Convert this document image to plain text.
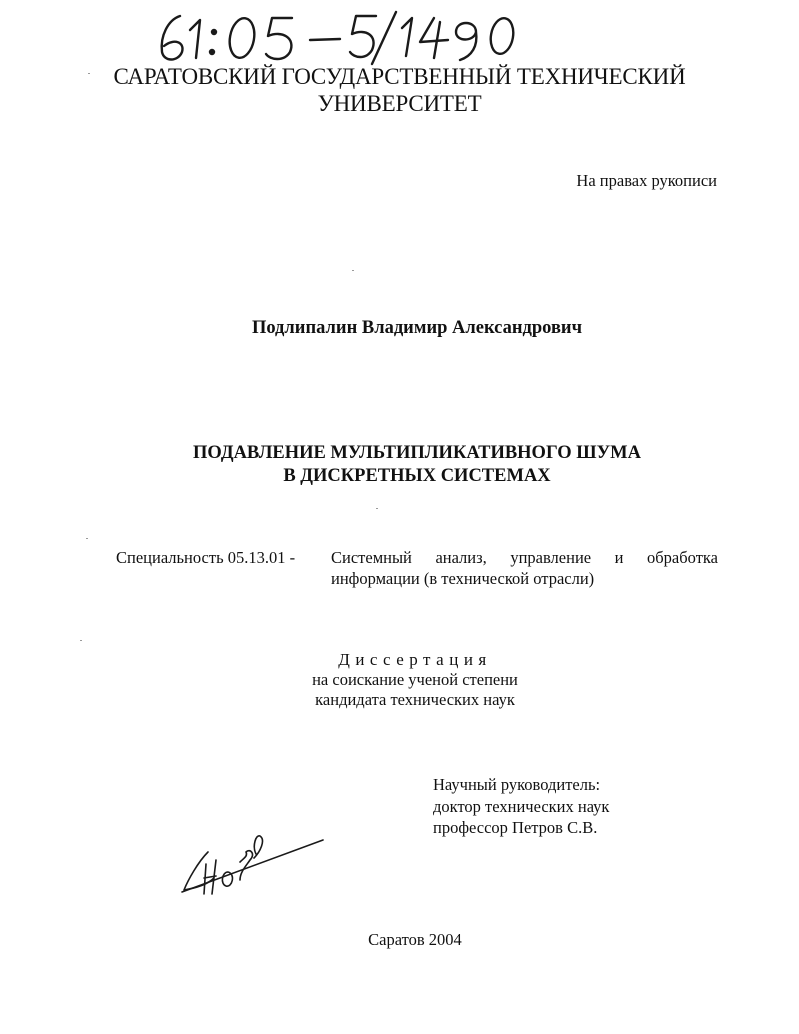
САРАТОВСКИЙ ГОСУДАРСТВЕННЫЙ ТЕХНИЧЕСКИЙ
УНИВЕРСИТЕТ
На правах рукописи
Подлипалин Владимир Александрович
ПОДАВЛЕНИЕ МУЛЬТИПЛИКАТИВНОГО ШУМА
В ДИСКРЕТНЫХ СИСТЕМАХ
Специальность 05.13.01 - Системный анализ, управление и обработка
информации (в технической отрасли)
Диссертация
на соискание ученой степени
кандидата технических наук
Научный руководитель:
доктор технических наук
профессор Петров С.В.
Саратов 2004
